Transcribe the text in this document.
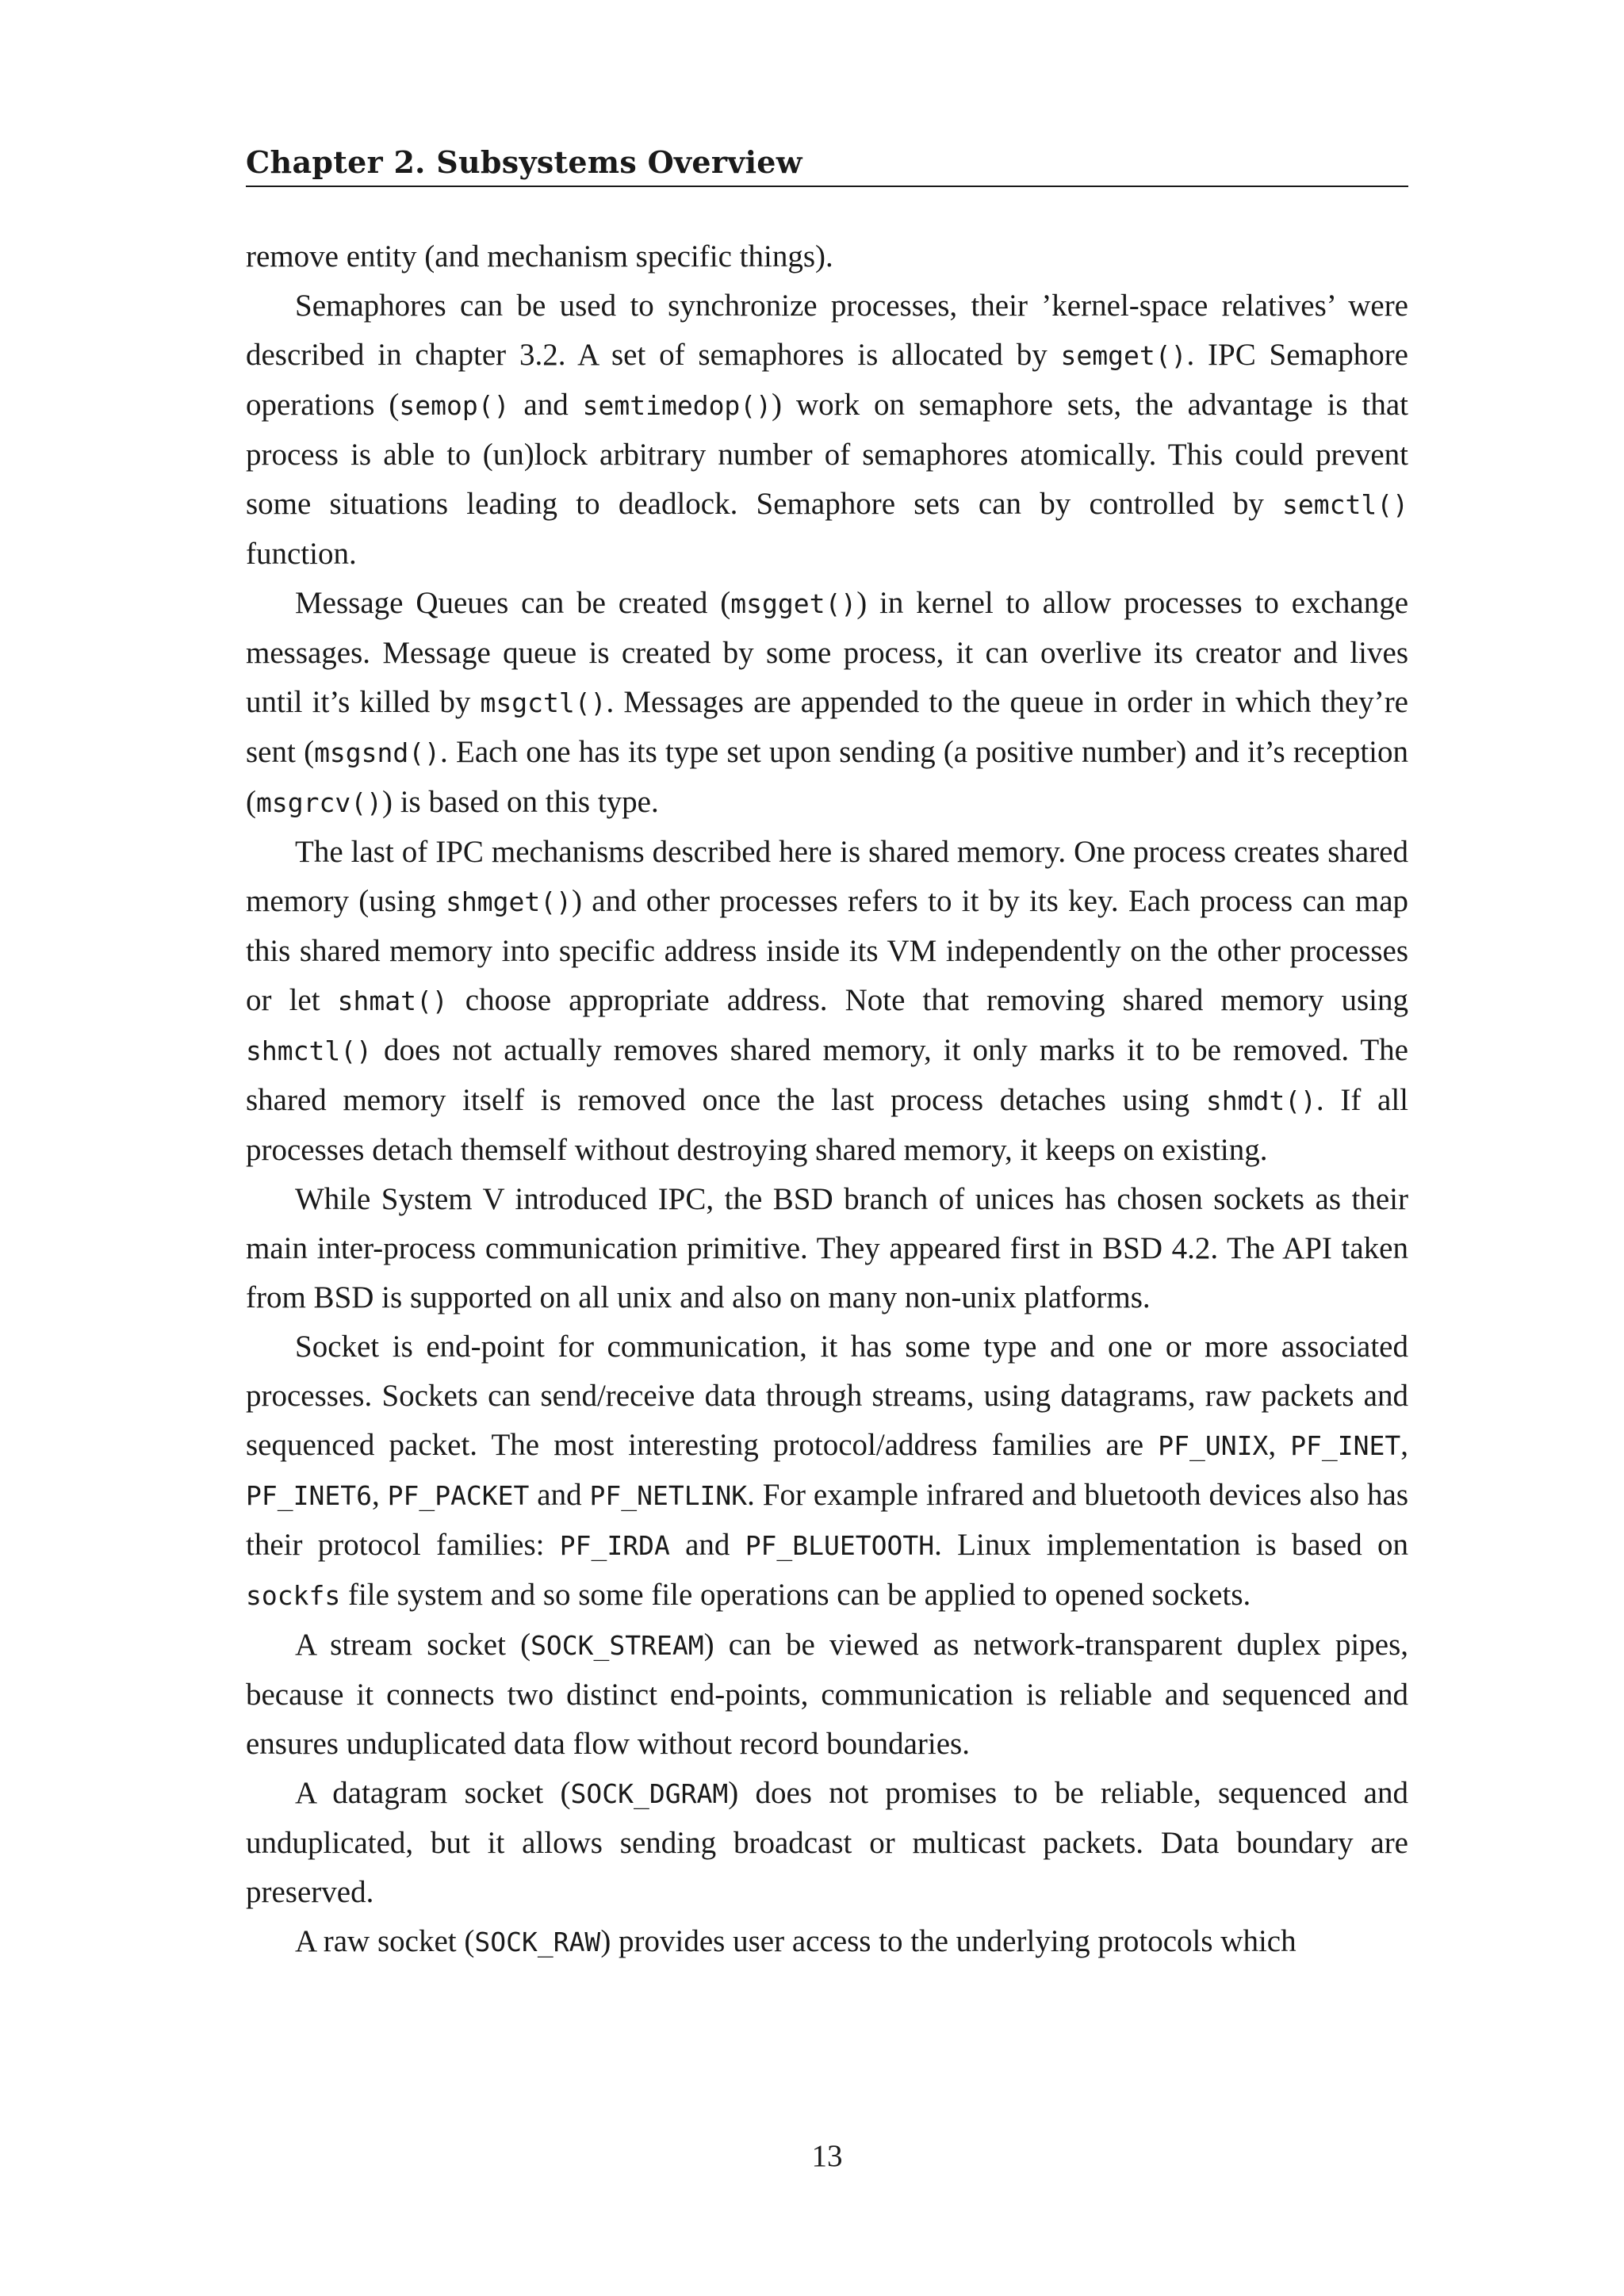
Chapter 2. Subsystems Overview

remove entity (and mechanism specific things).

Semaphores can be used to synchronize processes, their ’kernel-space relatives’ were described in chapter 3.2. A set of semaphores is allocated by semget(). IPC Semaphore operations (semop() and semtimedop()) work on semaphore sets, the advantage is that process is able to (un)lock arbitrary number of semaphores atomically. This could prevent some situations leading to deadlock. Semaphore sets can by controlled by semctl() function.

Message Queues can be created (msgget()) in kernel to allow processes to exchange messages. Message queue is created by some process, it can overlive its creator and lives until it’s killed by msgctl(). Messages are appended to the queue in order in which they’re sent (msgsnd(). Each one has its type set upon sending (a positive number) and it’s reception (msgrcv()) is based on this type.

The last of IPC mechanisms described here is shared memory. One process creates shared memory (using shmget()) and other processes refers to it by its key. Each process can map this shared memory into specific address inside its VM independently on the other processes or let shmat() choose appropriate address. Note that removing shared memory using shmctl() does not actually removes shared memory, it only marks it to be removed. The shared memory itself is removed once the last process detaches using shmdt(). If all processes detach themself without destroying shared memory, it keeps on existing.

While System V introduced IPC, the BSD branch of unices has chosen sockets as their main inter-process communication primitive. They appeared first in BSD 4.2. The API taken from BSD is supported on all unix and also on many non-unix platforms.

Socket is end-point for communication, it has some type and one or more associated processes. Sockets can send/receive data through streams, using datagrams, raw packets and sequenced packet. The most interesting protocol/address families are PF_UNIX, PF_INET, PF_INET6, PF_PACKET and PF_NETLINK. For example infrared and bluetooth devices also has their protocol families: PF_IRDA and PF_BLUETOOTH. Linux implementation is based on sockfs file system and so some file operations can be applied to opened sockets.

A stream socket (SOCK_STREAM) can be viewed as network-transparent duplex pipes, because it connects two distinct end-points, communication is reliable and sequenced and ensures unduplicated data flow without record boundaries.

A datagram socket (SOCK_DGRAM) does not promises to be reliable, sequenced and unduplicated, but it allows sending broadcast or multicast packets. Data boundary are preserved.

A raw socket (SOCK_RAW) provides user access to the underlying protocols which

13
